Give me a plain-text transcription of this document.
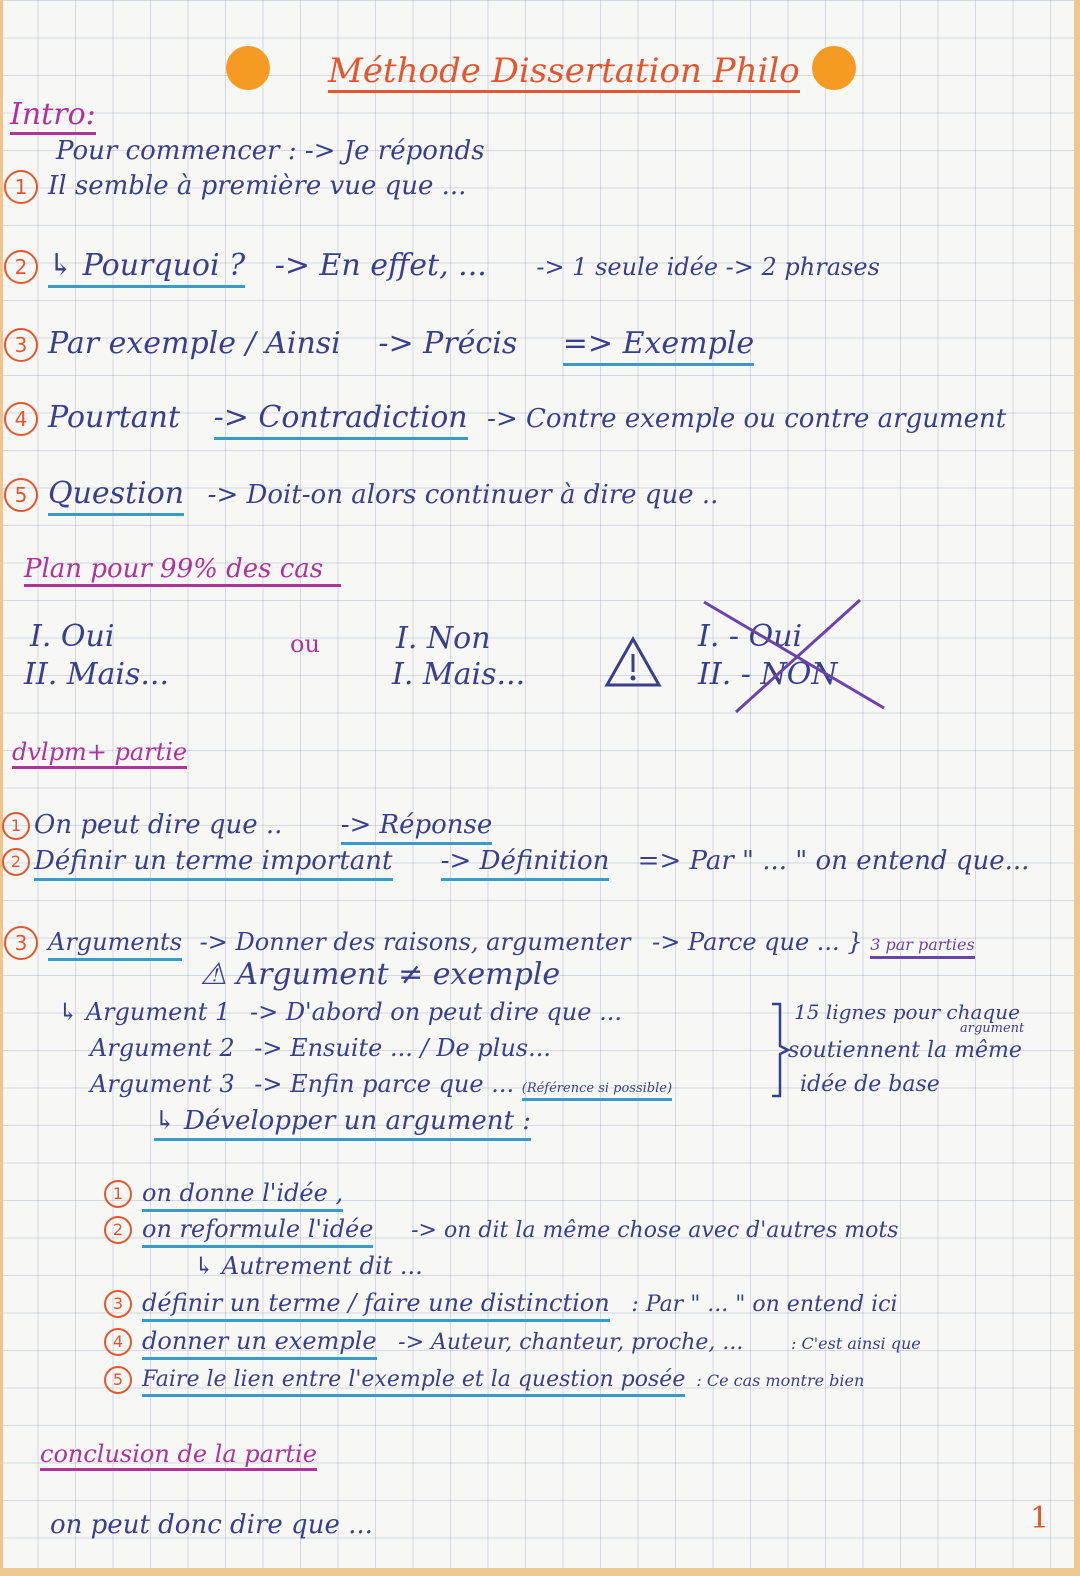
Méthode Dissertation Philo
Intro:
Pour commencer : -> Je réponds
1 Il semble à première vue que ...
2 ↳ Pourquoi ? -> En effet, ... -> 1 seule idée -> 2 phrases
3 Par exemple / Ainsi -> Précis => Exemple
4 Pourtant -> Contradiction -> Contre exemple ou contre argument
5 Question -> Doit-on alors continuer à dire que ..
Plan pour 99% des cas
I. Oui
II. Mais...
ou	I. Non
I. Mais...
I. - Oui
II. - NON
dvlpm+ partie
1 On peut dire que .. -> Réponse
2 Définir un terme important -> Définition => Par " ... " on entend que...
3 Arguments -> Donner des raisons, argumenter -> Parce que ... } 3 par parties
⚠ Argument ≠ exemple
↳ Argument 1 -> D'abord on peut dire que ...
Argument 2 -> Ensuite ... / De plus...
Argument 3 -> Enfin parce que ... (Référence si possible)
15 lignes pour chaque
argument
soutiennent la même
idée de base
↳ Développer un argument :
1 on donne l'idée ,
2 on reformule l'idée -> on dit la même chose avec d'autres mots
↳ Autrement dit ...
3 définir un terme / faire une distinction : Par " ... " on entend ici
4 donner un exemple -> Auteur, chanteur, proche, ...	: C'est ainsi que
5 Faire le lien entre l'exemple et la question posée : Ce cas montre bien
conclusion de la partie
on peut donc dire que ...	1
